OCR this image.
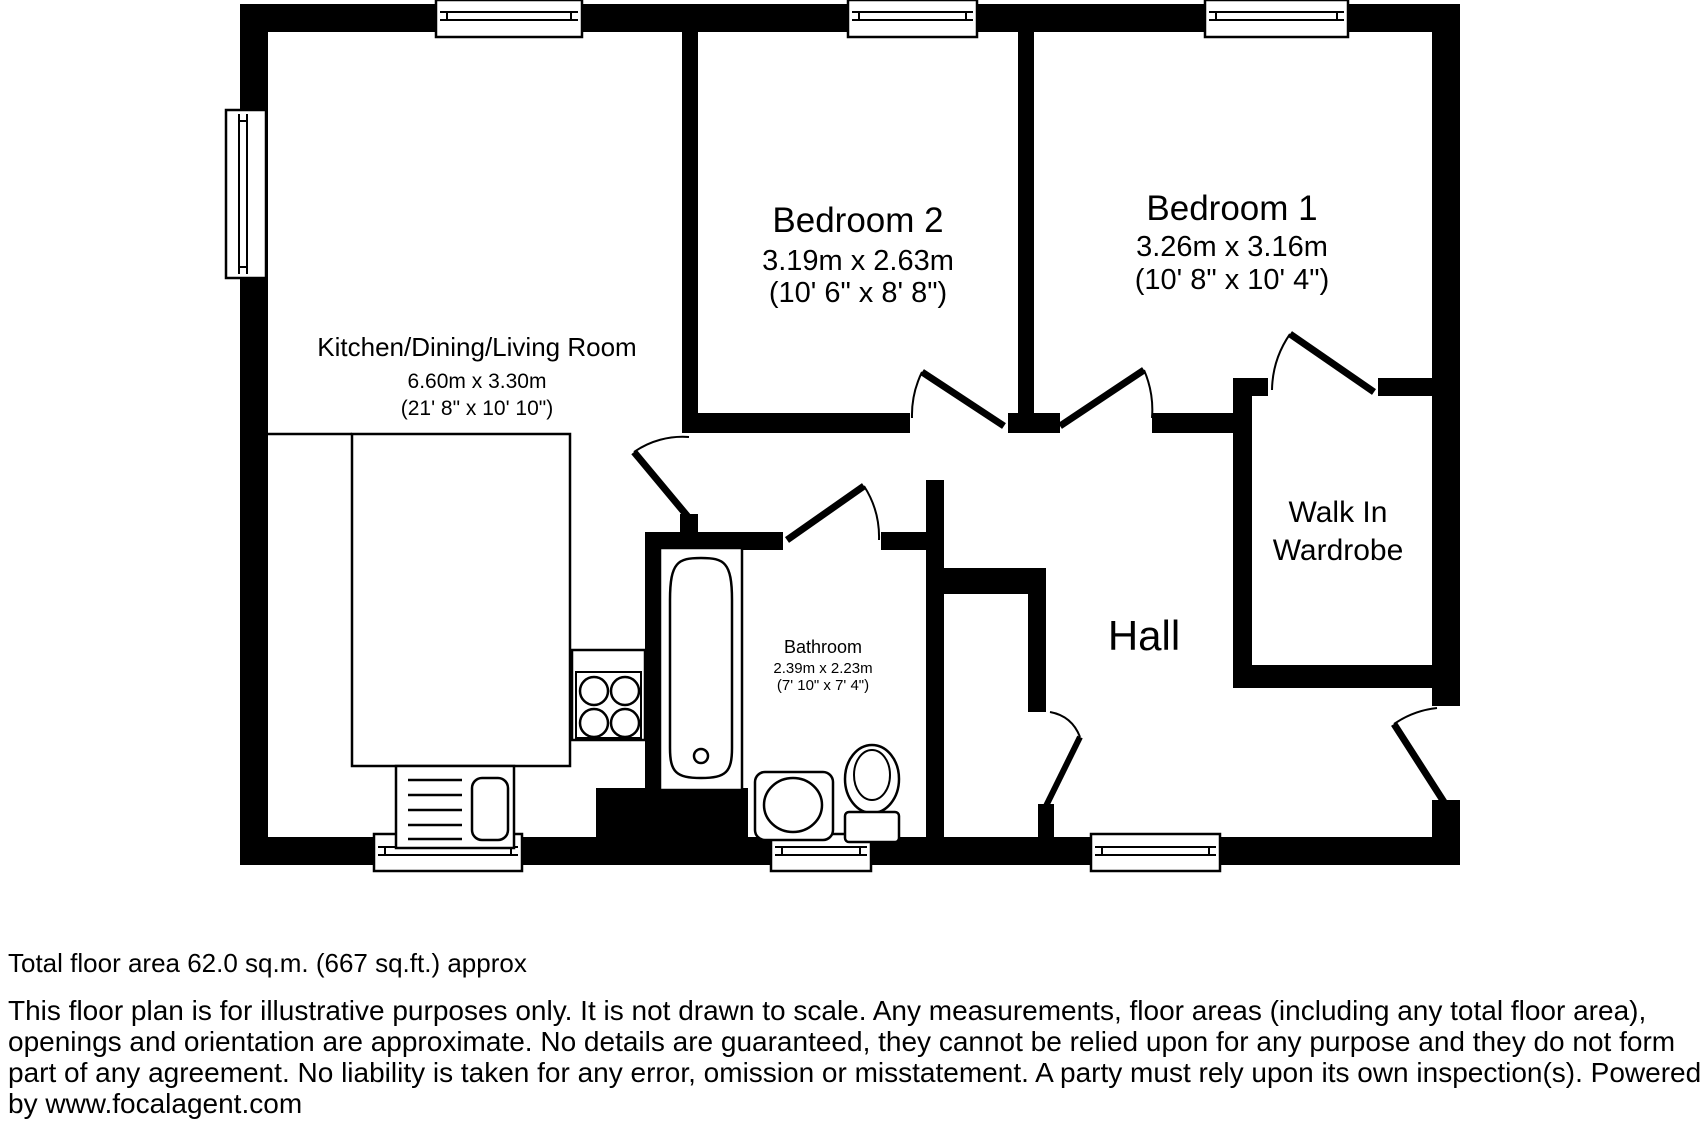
Kitchen/Dining/Living Room
6.60m x 3.30m
(21' 8" x 10' 10")
Bedroom 2
3.19m x 2.63m
(10' 6" x 8' 8")
Bedroom 1
3.26m x 3.16m
(10' 8" x 10' 4")
Bathroom
2.39m x 2.23m
(7' 10" x 7' 4")
Walk In
Wardrobe
Hall
Total floor area 62.0 sq.m. (667 sq.ft.) approx
This floor plan is for illustrative purposes only. It is not drawn to scale. Any measurements, floor areas (including any total floor area),
openings and orientation are approximate. No details are guaranteed, they cannot be relied upon for any purpose and they do not form
part of any agreement. No liability is taken for any error, omission or misstatement. A party must rely upon its own inspection(s). Powered
by www.focalagent.com
